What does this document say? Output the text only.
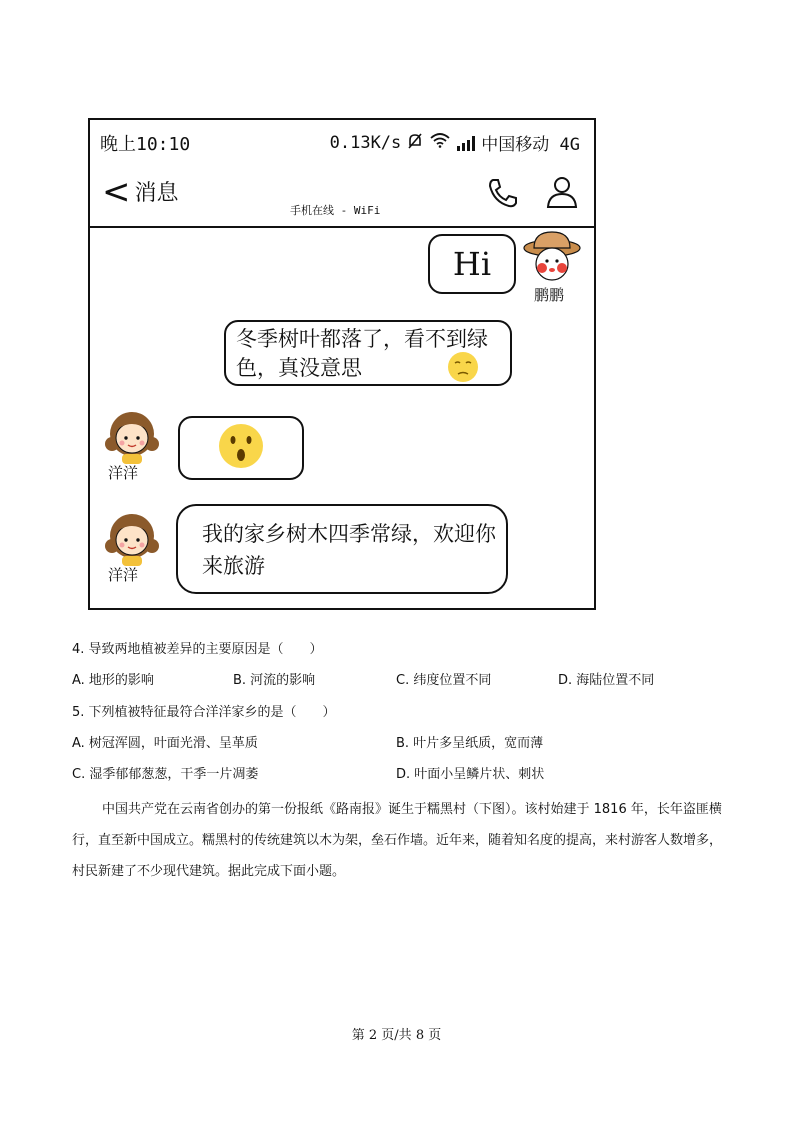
晚上10:10	0.13K/s	中国移动 4G
< 消息
手机在线 - WiFi
Hi
鹏鹏
冬季树叶都落了，看不到绿色，真没意思
洋洋
洋洋
我的家乡树木四季常绿，欢迎你来旅游
4. 导致两地植被差异的主要原因是（　　）
A. 地形的影响	B. 河流的影响	C. 纬度位置不同	D. 海陆位置不同
5. 下列植被特征最符合洋洋家乡的是（　　）
A. 树冠浑圆，叶面光滑、呈革质	B. 叶片多呈纸质，宽而薄
C. 湿季郁郁葱葱，干季一片凋萎	D. 叶面小呈鳞片状、刺状
中国共产党在云南省创办的第一份报纸《路南报》诞生于糯黑村（下图）。该村始建于 1816 年，长年盗匪横行，直至新中国成立。糯黑村的传统建筑以木为架，垒石作墙。近年来，随着知名度的提高，来村游客人数增多，村民新建了不少现代建筑。据此完成下面小题。
第 2 页/共 8 页
